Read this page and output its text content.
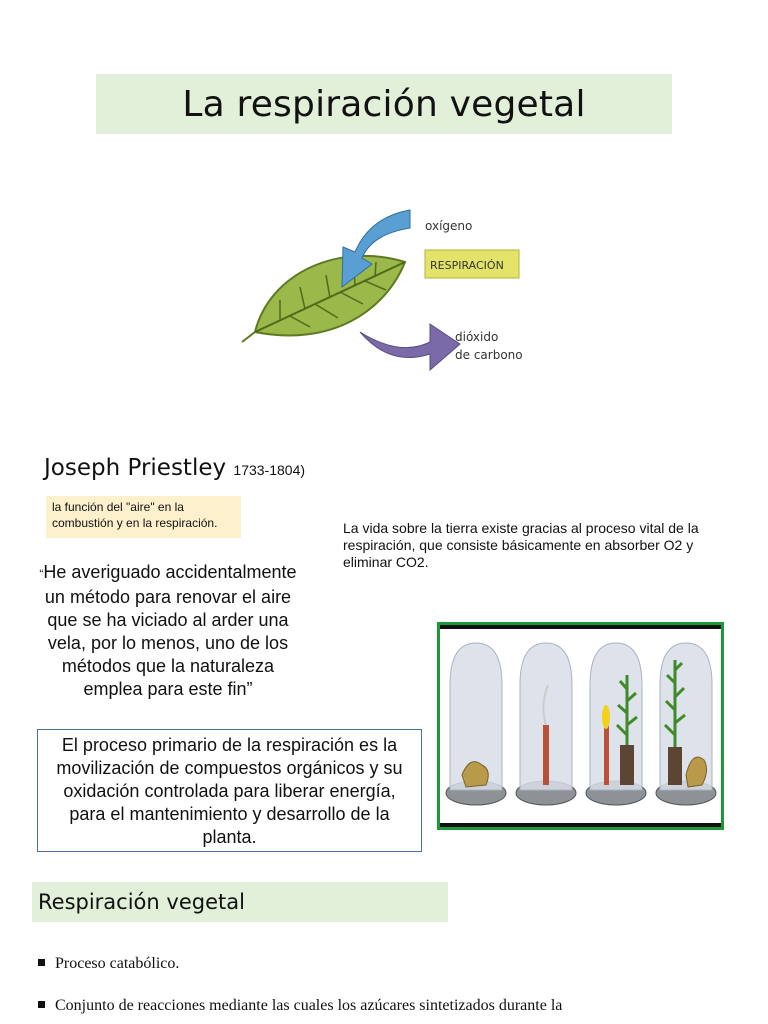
La respiración vegetal
oxígeno
RESPIRACIÓN
dióxido
de carbono
Joseph Priestley 1733-1804)
la función del "aire" en la combustión y en la respiración.	La vida sobre la tierra existe gracias al proceso vital de la respiración, que consiste básicamente en absorber O2 y eliminar CO2.
“He averiguado accidentalmente un método para renovar el aire que se ha viciado al arder una vela, por lo menos, uno de los métodos que la naturaleza emplea para este fin”
El proceso primario de la respiración es la movilización de compuestos orgánicos y su oxidación controlada para liberar energía, para el mantenimiento y desarrollo de la planta.
Respiración vegetal
Proceso catabólico.
Conjunto de reacciones mediante las cuales los azúcares sintetizados durante la
